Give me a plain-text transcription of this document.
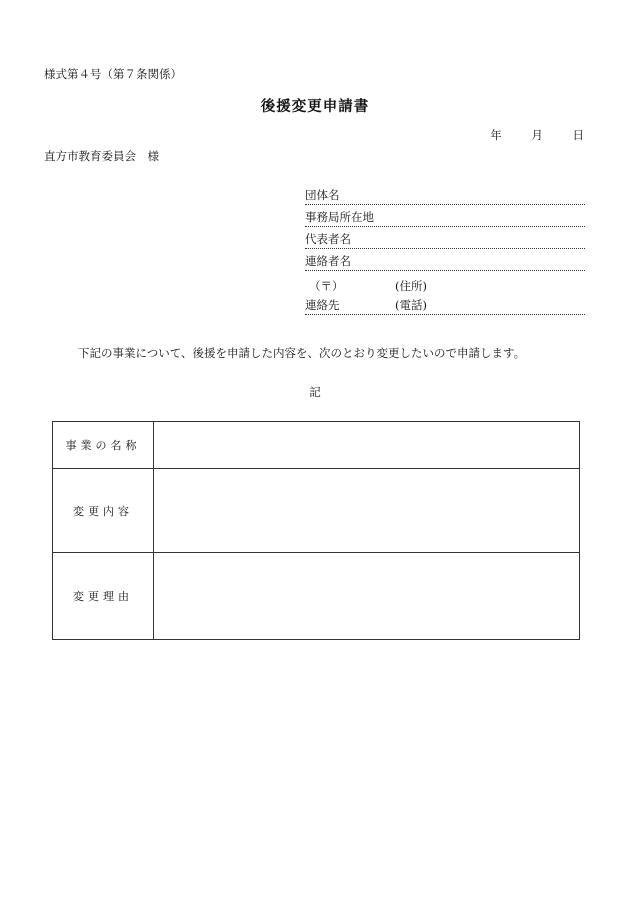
様式第４号（第７条関係）
後援変更申請書
年	月	日
直方市教育委員会　様
団体名
事務局所在地
代表者名
連絡者名
（〒）	(住所)
連絡先	(電話)
下記の事業について、後援を申請した内容を、次のとおり変更したいので申請します。
記
事業の名称	
変更内容	
変更理由	
